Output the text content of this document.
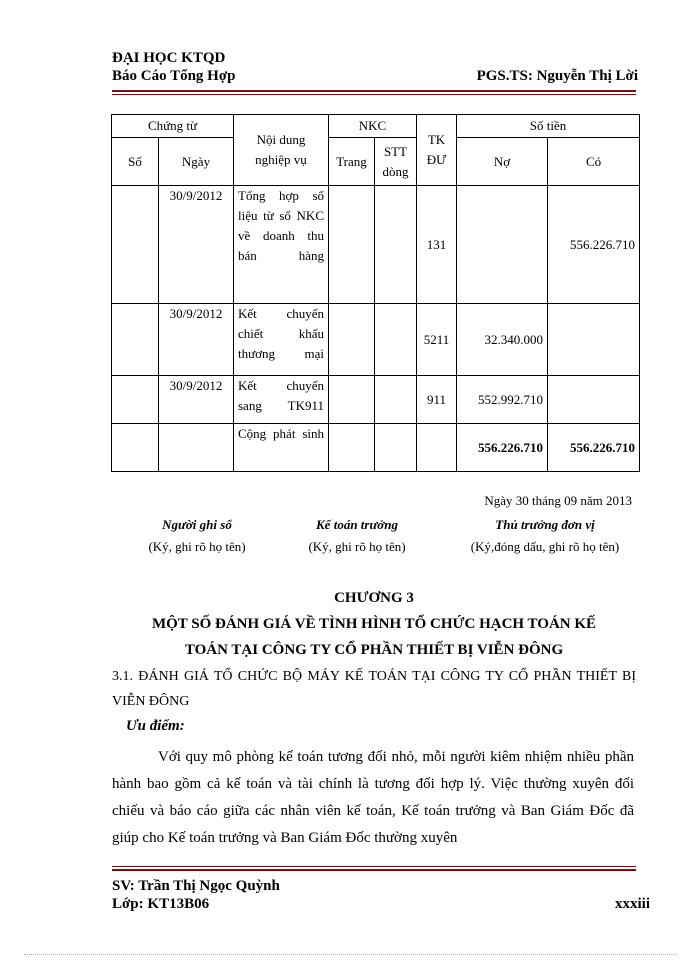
ĐẠI HỌC KTQD
Báo Cáo Tổng Hợp	PGS.TS: Nguyễn Thị Lời
Chứng từ		Nội dung nghiệp vụ	NKC		TK ĐƯ	Số tiền	
Số	Ngày		Trang	STT dòng		Nợ	Có
	30/9/2012	Tổng hợp số liệu từ sổ NKC về doanh thu bán hàng			131		556.226.710
	30/9/2012	Kết chuyển chiết khấu thương mại			5211	32.340.000	
	30/9/2012	Kết chuyển sang TK911			911	552.992.710	

		Cộng phát sinh				556.226.710	556.226.710
Ngày 30 tháng 09 năm 2013
Người ghi sổ
(Ký, ghi rõ họ tên)
Kế toán trưởng
(Ký, ghi rõ họ tên)
Thủ trưởng đơn vị
(Ký,đóng dấu, ghi rõ họ tên)
CHƯƠNG 3
MỘT SỐ ĐÁNH GIÁ VỀ TÌNH HÌNH TỔ CHỨC HẠCH TOÁN KẾ
TOÁN TẠI CÔNG TY CỔ PHẦN THIẾT BỊ VIỄN ĐÔNG
3.1. ĐÁNH GIÁ TỔ CHỨC BỘ MÁY KẾ TOÁN TẠI CÔNG TY CỔ PHẦN THIẾT BỊ VIỄN ĐÔNG
Ưu điểm:
Với quy mô phòng kế toán tương đối nhỏ, mỗi người kiêm nhiệm nhiều phần hành bao gồm cả kế toán và tài chính là tương đối hợp lý. Việc thường xuyên đối chiếu và báo cáo giữa các nhân viên kế toán, Kế toán trưởng và Ban Giám Đốc đã giúp cho Kế toán trưởng và Ban Giám Đốc thường xuyên
SV: Trần Thị Ngọc Quỳnh
Lớp: KT13B06	xxxiii
